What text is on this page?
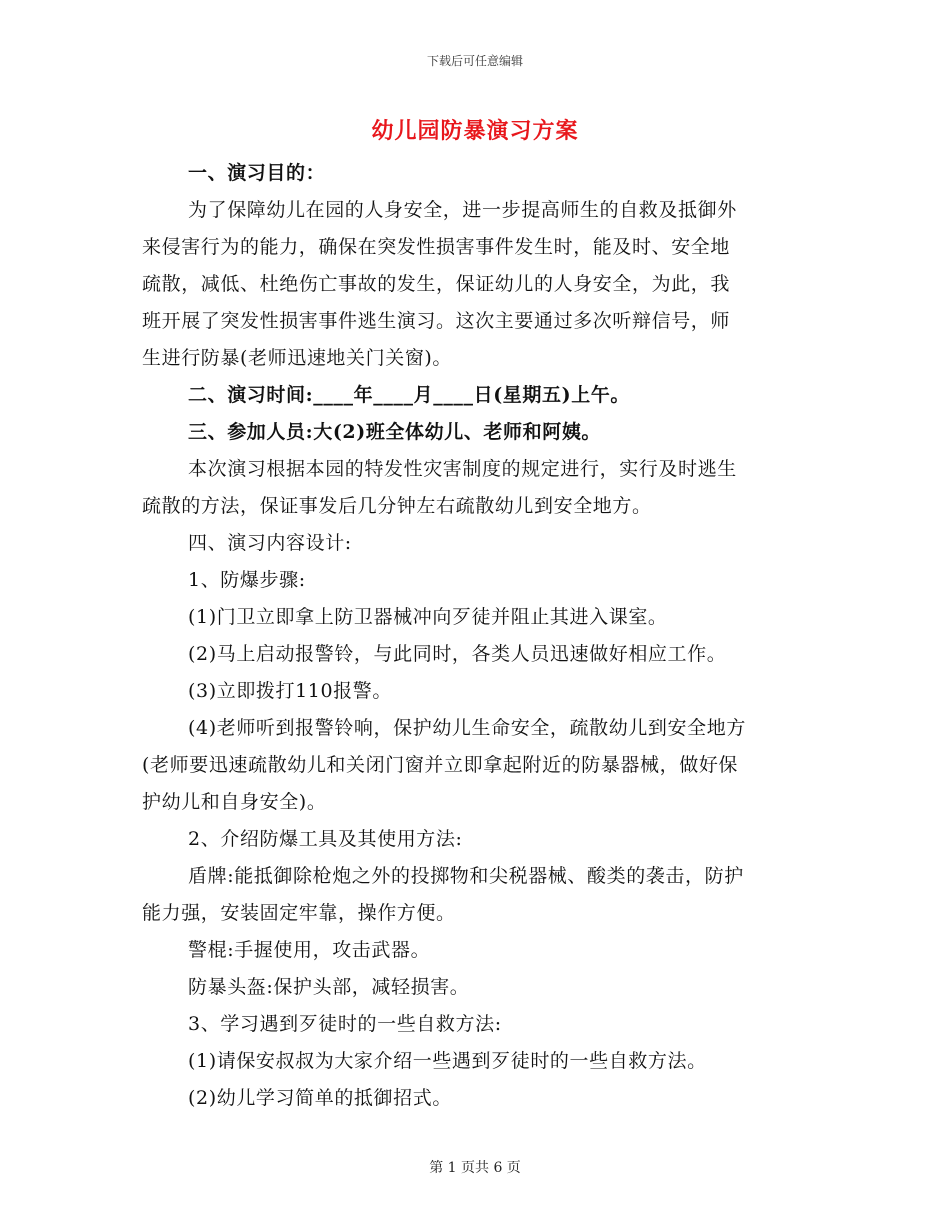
下载后可任意编辑
幼儿园防暴演习方案
一、演习目的：
为了保障幼儿在园的人身安全，进一步提高师生的自救及抵御外
来侵害行为的能力，确保在突发性损害事件发生时，能及时、安全地
疏散，减低、杜绝伤亡事故的发生，保证幼儿的人身安全，为此，我
班开展了突发性损害事件逃生演习。这次主要通过多次听辩信号，师
生进行防暴(老师迅速地关门关窗)。
二、演习时间:____年____月____日(星期五)上午。
三、参加人员:大(2)班全体幼儿、老师和阿姨。
本次演习根据本园的特发性灾害制度的规定进行，实行及时逃生
疏散的方法，保证事发后几分钟左右疏散幼儿到安全地方。
四、演习内容设计:
1、防爆步骤:
(1)门卫立即拿上防卫器械冲向歹徒并阻止其进入课室。
(2)马上启动报警铃，与此同时，各类人员迅速做好相应工作。
(3)立即拨打110报警。
(4)老师听到报警铃响，保护幼儿生命安全，疏散幼儿到安全地方
(老师要迅速疏散幼儿和关闭门窗并立即拿起附近的防暴器械，做好保
护幼儿和自身安全)。
2、介绍防爆工具及其使用方法:
盾牌:能抵御除枪炮之外的投掷物和尖税器械、酸类的袭击，防护
能力强，安装固定牢靠，操作方便。
警棍:手握使用，攻击武器。
防暴头盔:保护头部，减轻损害。
3、学习遇到歹徒时的一些自救方法:
(1)请保安叔叔为大家介绍一些遇到歹徒时的一些自救方法。
(2)幼儿学习简单的抵御招式。
第 1 页共 6 页
